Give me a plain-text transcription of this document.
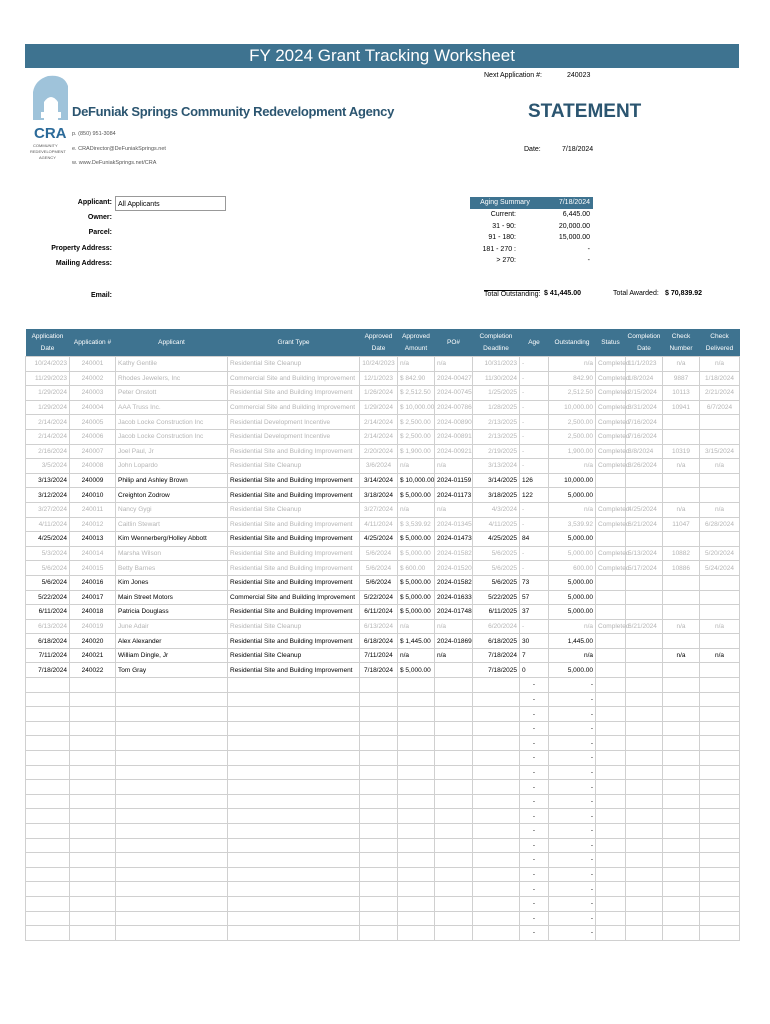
FY 2024 Grant Tracking Worksheet
Next Application #:	240023
CRA
COMMUNITY
REDEVELOPMENT
AGENCY
DeFuniak Springs Community Redevelopment Agency	STATEMENT
p. (850) 951-3084
e. CRADirector@DeFuniakSprings.net
w. www.DeFuniakSprings.net/CRA
Date:	7/18/2024
Applicant: All Applicants
Owner:
Parcel:
Property Address:
Mailing Address:
Email:
Aging Summary	7/18/2024
Current:	6,445.00
31 - 90:	20,000.00
91 - 180:	15,000.00
181 - 270 :	-
> 270:	-
Total Outstanding: $ 41,445.00	Total Awarded: $ 70,839.92
Application Date	Application #	Applicant	Grant Type	Approved Date	Approved Amount	PO#	Completion Deadline	Age	Outstanding	Status	Completion Date	Check Number	Check Delivered
10/24/2023	240001	Kathy Gentile	Residential Site Cleanup	10/24/2023	n/a	n/a	10/31/2023	-	n/a	Completed	11/1/2023	n/a	n/a
11/29/2023	240002	Rhodes Jewelers, Inc	Commercial Site and Building Improvement	12/1/2023	$ 842.90	2024-00427	11/30/2024	-	842.90	Completed	1/8/2024	9887	1/18/2024
1/29/2024	240003	Peter Onstott	Residential Site and Building Improvement	1/26/2024	$ 2,512.50	2024-00745	1/25/2025	-	2,512.50	Completed	2/15/2024	10113	2/21/2024
1/29/2024	240004	AAA Truss Inc.	Commercial Site and Building Improvement	1/29/2024	$ 10,000.00	2024-00786	1/28/2025	-	10,000.00	Completed	3/31/2024	10941	6/7/2024
2/14/2024	240005	Jacob Locke Construction Inc	Residential Development Incentive	2/14/2024	$ 2,500.00	2024-00890	2/13/2025	-	2,500.00	Completed	7/16/2024		
2/14/2024	240006	Jacob Locke Construction Inc	Residential Development Incentive	2/14/2024	$ 2,500.00	2024-00891	2/13/2025	-	2,500.00	Completed	7/16/2024		
2/16/2024	240007	Joel Paul, Jr	Residential Site and Building Improvement	2/20/2024	$ 1,900.00	2024-00921	2/19/2025	-	1,900.00	Completed	3/8/2024	10319	3/15/2024
3/5/2024	240008	John Lopardo	Residential Site Cleanup	3/6/2024	n/a	n/a	3/13/2024	-	n/a	Completed	3/26/2024	n/a	n/a
3/13/2024	240009	Philip and Ashley Brown	Residential Site and Building Improvement	3/14/2024	$ 10,000.00	2024-01159	3/14/2025	126	10,000.00				
3/12/2024	240010	Creighton Zodrow	Residential Site and Building Improvement	3/18/2024	$ 5,000.00	2024-01173	3/18/2025	122	5,000.00				
3/27/2024	240011	Nancy Gygi	Residential Site Cleanup	3/27/2024	n/a	n/a	4/3/2024	-	n/a	Completed	4/25/2024	n/a	n/a
4/11/2024	240012	Caitlin Stewart	Residential Site and Building Improvement	4/11/2024	$ 3,539.92	2024-01345	4/11/2025	-	3,539.92	Completed	6/21/2024	11047	6/28/2024
4/25/2024	240013	Kim Wennerberg/Holley Abbott	Residential Site and Building Improvement	4/25/2024	$ 5,000.00	2024-01473	4/25/2025	84	5,000.00				
5/3/2024	240014	Marsha Wilson	Residential Site and Building Improvement	5/6/2024	$ 5,000.00	2024-01582	5/6/2025	-	5,000.00	Completed	5/13/2024	10882	5/20/2024
5/6/2024	240015	Betty Barnes	Residential Site and Building Improvement	5/6/2024	$ 600.00	2024-01520	5/6/2025	-	600.00	Completed	5/17/2024	10886	5/24/2024
5/6/2024	240016	Kim Jones	Residential Site and Building Improvement	5/6/2024	$ 5,000.00	2024-01582	5/6/2025	73	5,000.00				
5/22/2024	240017	Main Street Motors	Commercial Site and Building Improvement	5/22/2024	$ 5,000.00	2024-01633	5/22/2025	57	5,000.00				
6/11/2024	240018	Patricia Douglass	Residential Site and Building Improvement	6/11/2024	$ 5,000.00	2024-01748	6/11/2025	37	5,000.00				
6/13/2024	240019	June Adair	Residential Site Cleanup	6/13/2024	n/a	n/a	6/20/2024	-	n/a	Completed	6/21/2024	n/a	n/a
6/18/2024	240020	Alex Alexander	Residential Site and Building Improvement	6/18/2024	$ 1,445.00	2024-01869	6/18/2025	30	1,445.00				
7/11/2024	240021	William Dingle, Jr	Residential Site Cleanup	7/11/2024	n/a	n/a	7/18/2024	7	n/a			n/a	n/a
7/18/2024	240022	Tom Gray	Residential Site and Building Improvement	7/18/2024	$ 5,000.00		7/18/2025	0	5,000.00				
								-	-				
								-	-				
								-	-				
								-	-				
								-	-				
								-	-				
								-	-				
								-	-				
								-	-				
								-	-				
								-	-				
								-	-				
								-	-				
								-	-				
								-	-				
								-	-				
								-	-				
								-	-				
